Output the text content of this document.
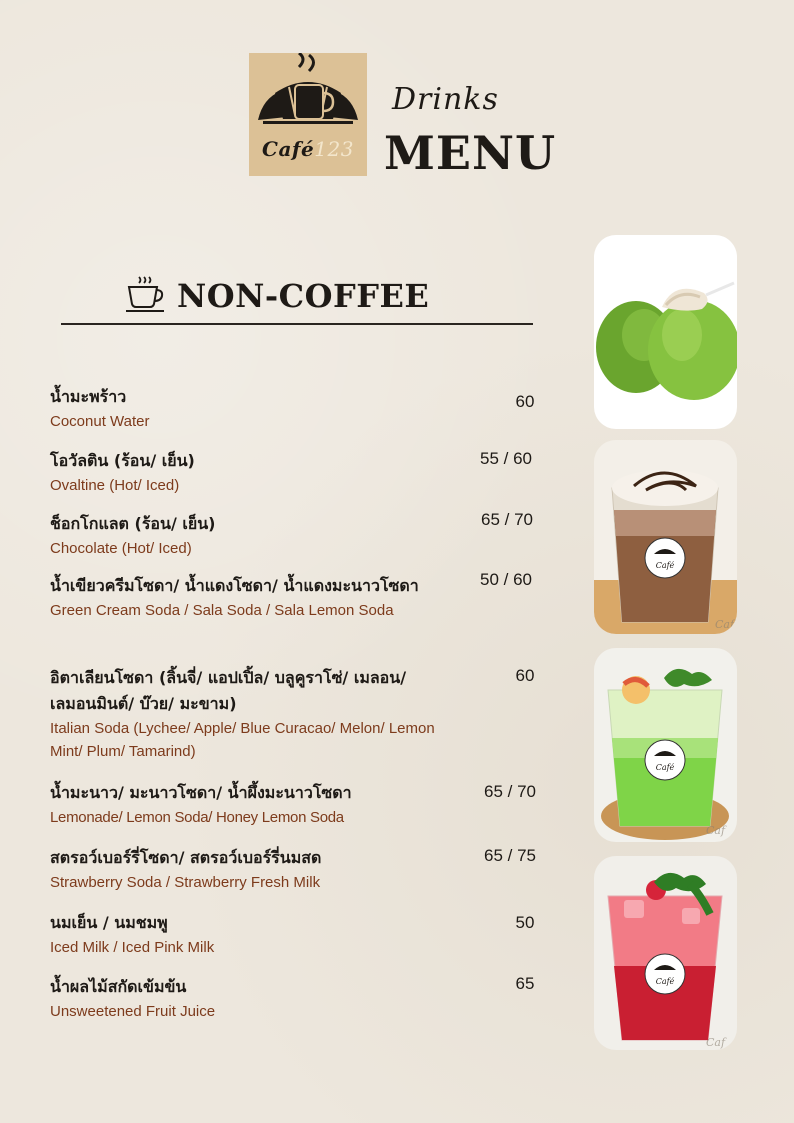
Café123
Drinks
MENU
NON-COFFEE
น้ำมะพร้าว
Coconut Water
60
โอวัลติน (ร้อน/ เย็น)
Ovaltine (Hot/ Iced)
55 / 60
ช็อกโกแลต (ร้อน/ เย็น)
Chocolate (Hot/ Iced)
65 / 70
น้ำเขียวครีมโซดา/ น้ำแดงโซดา/ น้ำแดงมะนาวโซดา
Green Cream Soda / Sala Soda / Sala Lemon Soda
50 / 60
อิตาเลียนโซดา (ลิ้นจี่/ แอปเปิ้ล/ บลูคูราโซ่/ เมลอน/ เลมอนมินต์/ บ๊วย/ มะขาม)
Italian Soda (Lychee/ Apple/ Blue Curacao/ Melon/ Lemon Mint/ Plum/ Tamarind)
60
น้ำมะนาว/ มะนาวโซดา/ น้ำผึ้งมะนาวโซดา
Lemonade/ Lemon Soda/ Honey Lemon Soda
65 / 70
สตรอว์เบอร์รี่โซดา/ สตรอว์เบอร์รี่นมสด
Strawberry Soda / Strawberry Fresh Milk
65 / 75
นมเย็น / นมชมพู
Iced Milk / Iced Pink Milk
50
น้ำผลไม้สกัดเข้มข้น
Unsweetened Fruit Juice
65
Café
Caf
Café
Caf
Café
Caf
